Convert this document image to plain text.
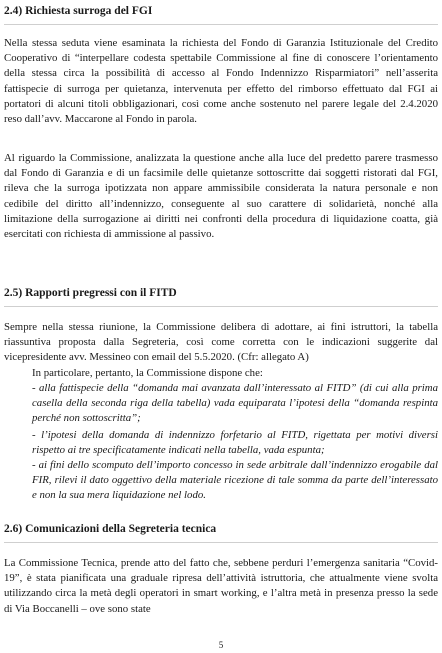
2.4) Richiesta surroga del FGI

Nella stessa seduta viene esaminata la richiesta del Fondo di Garanzia Istituzionale del Credito Cooperativo di “interpellare codesta spettabile Commissione al fine di conoscere l’orientamento della stessa circa la possibilità di accesso al Fondo Indennizzo Risparmiatori” nell’asserita fattispecie di surroga per quietanza, intervenuta per effetto del rimborso effettuato dal FGI ai portatori di alcuni titoli obbligazionari, così come anche sostenuto nel parere legale del 2.4.2020 reso dall’avv. Maccarone al Fondo in parola.

Al riguardo la Commissione, analizzata la questione anche alla luce del predetto parere trasmesso dal Fondo di Garanzia e di un facsimile delle quietanze sottoscritte dai soggetti ristorati dal FGI, rileva che la surroga ipotizzata non appare ammissibile considerata la natura personale e non cedibile del diritto all’indennizzo, conseguente al suo carattere di solidarietà, nonché alla limitazione della surrogazione ai diritti nei confronti della procedura di liquidazione coatta, già esercitati con richiesta di ammissione al passivo.

2.5) Rapporti pregressi con il FITD

Sempre nella stessa riunione, la Commissione delibera di adottare, ai fini istruttori, la tabella riassuntiva proposta dalla Segreteria, così come corretta con le indicazioni suggerite dal vicepresidente avv. Messineo con email del 5.5.2020. (Cfr: allegato A)

In particolare, pertanto, la Commissione dispone che:

- alla fattispecie della “domanda mai avanzata dall’interessato al FITD” (di cui alla prima casella della seconda riga della tabella) vada equiparata l’ipotesi della “domanda respinta perché non sottoscritta”;

- l’ipotesi della domanda di indennizzo forfetario al FITD, rigettata per motivi diversi rispetto ai tre specificatamente indicati nella tabella, vada espunta;

- ai fini dello scomputo dell’importo concesso in sede arbitrale dall’indennizzo erogabile dal FIR, rilevi il dato oggettivo della materiale ricezione di tale somma da parte dell’interessato e non la sua mera liquidazione nel lodo.

2.6) Comunicazioni della Segreteria tecnica

La Commissione Tecnica, prende atto del fatto che, sebbene perduri l’emergenza sanitaria “Covid-19”, è stata pianificata una graduale ripresa dell’attività istruttoria, che attualmente viene svolta utilizzando circa la metà degli operatori in smart working, e l’altra metà in presenza presso la sede di Via Boccanelli – ove sono state

5
